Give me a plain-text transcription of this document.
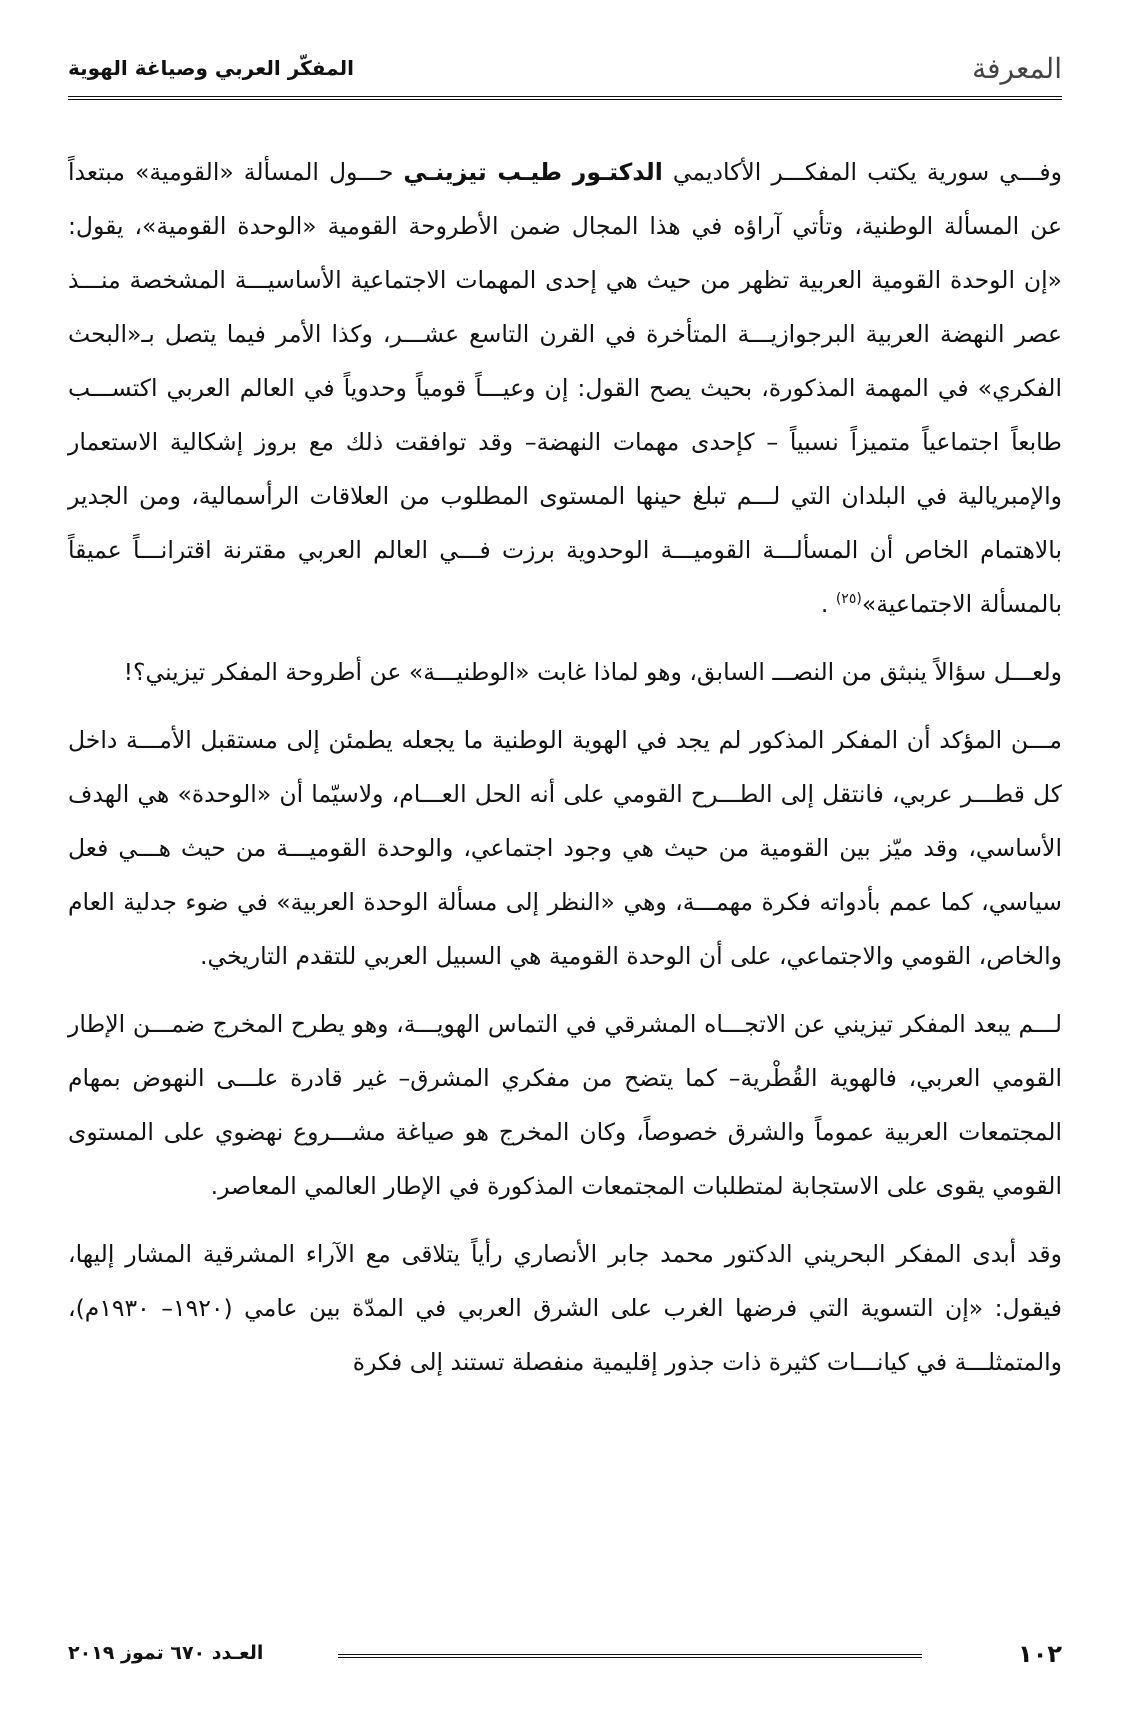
المعرفة
المفكّر العربي وصياغة الهوية

وفـــي سورية يكتب المفكـــر الأكاديمي الدكتـور طيـب تيزينـي حـــول المسألة «القومية» مبتعداً عن المسألة الوطنية، وتأتي آراؤه في هذا المجال ضمن الأطروحة القومية «الوحدة القومية»، يقول: «إن الوحدة القومية العربية تظهر من حيث هي إحدى المهمات الاجتماعية الأساسيـــة المشخصة منـــذ عصر النهضة العربية البرجوازيـــة المتأخرة في القرن التاسع عشـــر، وكذا الأمر فيما يتصل بـ«البحث الفكري» في المهمة المذكورة، بحيث يصح القول: إن وعيـــاً قومياً وحدوياً في العالم العربي اكتســـب طابعاً اجتماعياً متميزاً نسبياً – كإحدى مهمات النهضة– وقد توافقت ذلك مع بروز إشكالية الاستعمار والإمبريالية في البلدان التي لـــم تبلغ حينها المستوى المطلوب من العلاقات الرأسمالية، ومن الجدير بالاهتمام الخاص أن المسألـــة القوميـــة الوحدوية برزت فـــي العالم العربي مقترنة اقترانـــاً عميقاً بالمسألة الاجتماعية»$^{(٢٥)}$ .

ولعـــل سؤالاً ينبثق من النصـــ السابق، وهو لماذا غابت «الوطنيـــة» عن أطروحة المفكر تيزيني؟!

مـــن المؤكد أن المفكر المذكور لم يجد في الهوية الوطنية ما يجعله يطمئن إلى مستقبل الأمـــة داخل كل قطـــر عربي، فانتقل إلى الطـــرح القومي على أنه الحل العـــام، ولاسيّما أن «الوحدة» هي الهدف الأساسي، وقد ميّز بين القومية من حيث هي وجود اجتماعي، والوحدة القوميـــة من حيث هـــي فعل سياسي، كما عمم بأدواته فكرة مهمـــة، وهي «النظر إلى مسألة الوحدة العربية» في ضوء جدلية العام والخاص، القومي والاجتماعي، على أن الوحدة القومية هي السبيل العربي للتقدم التاريخي.

لـــم يبعد المفكر تيزيني عن الاتجـــاه المشرقي في التماس الهويـــة، وهو يطرح المخرج ضمـــن الإطار القومي العربي، فالهوية القُطْرية– كما يتضح من مفكري المشرق– غير قادرة علـــى النهوض بمهام المجتمعات العربية عموماً والشرق خصوصاً، وكان المخرج هو صياغة مشـــروع نهضوي على المستوى القومي يقوى على الاستجابة لمتطلبات المجتمعات المذكورة في الإطار العالمي المعاصر.

وقد أبدى المفكر البحريني الدكتور محمد جابر الأنصاري رأياً يتلاقى مع الآراء المشرقية المشار إليها، فيقول: «إن التسوية التي فرضها الغرب على الشرق العربي في المدّة بين عامي (١٩٢٠– ١٩٣٠م)، والمتمثلـــة في كيانـــات كثيرة ذات جذور إقليمية منفصلة تستند إلى فكرة

١٠٢
العـدد ٦٧٠ تموز ٢٠١٩
